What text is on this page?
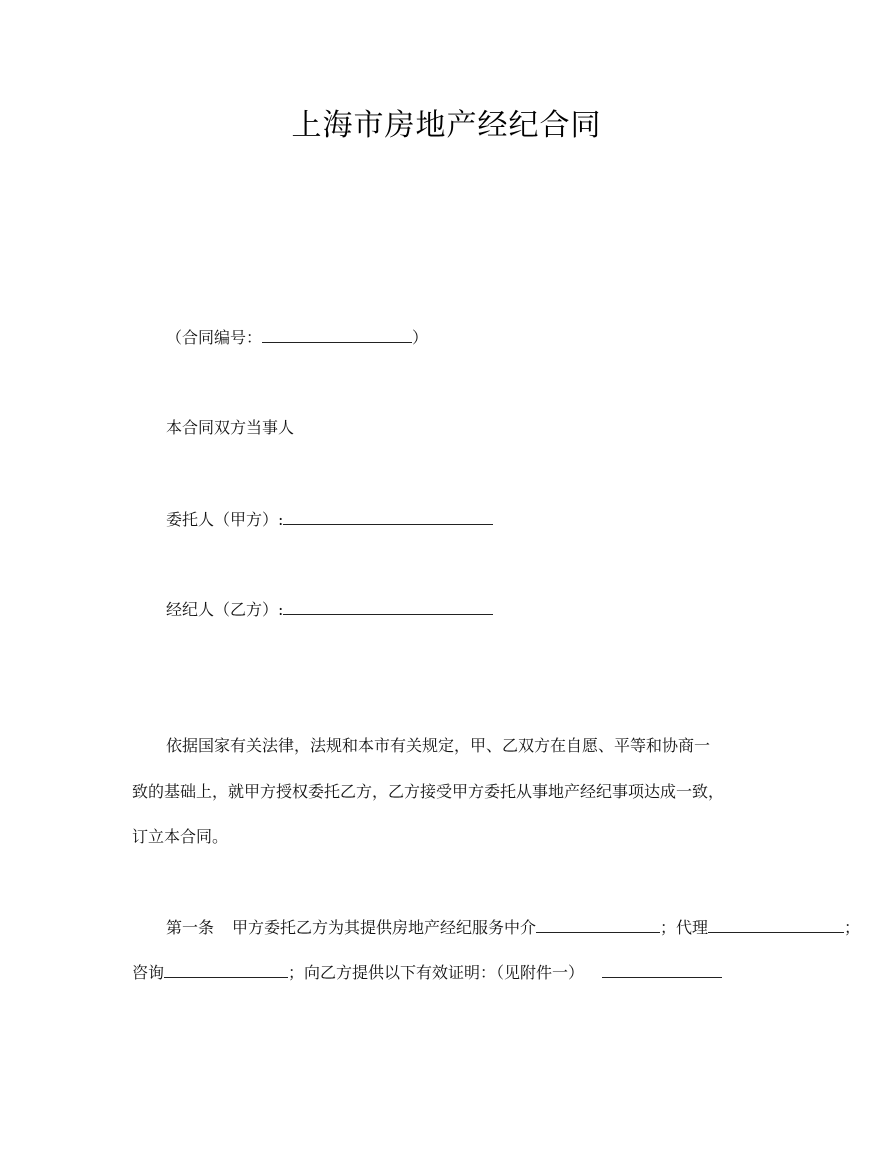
上海市房地产经纪合同
（合同编号：	）
本合同双方当事人
委托人（甲方）:
经纪人（乙方）:
依据国家有关法律，法规和本市有关规定，甲、乙双方在自愿、平等和协商一
致的基础上，就甲方授权委托乙方，乙方接受甲方委托从事地产经纪事项达成一致，
订立本合同。
第一条 甲方委托乙方为其提供房地产经纪服务中介	；代理	；
咨询	；向乙方提供以下有效证明：（见附件一）
